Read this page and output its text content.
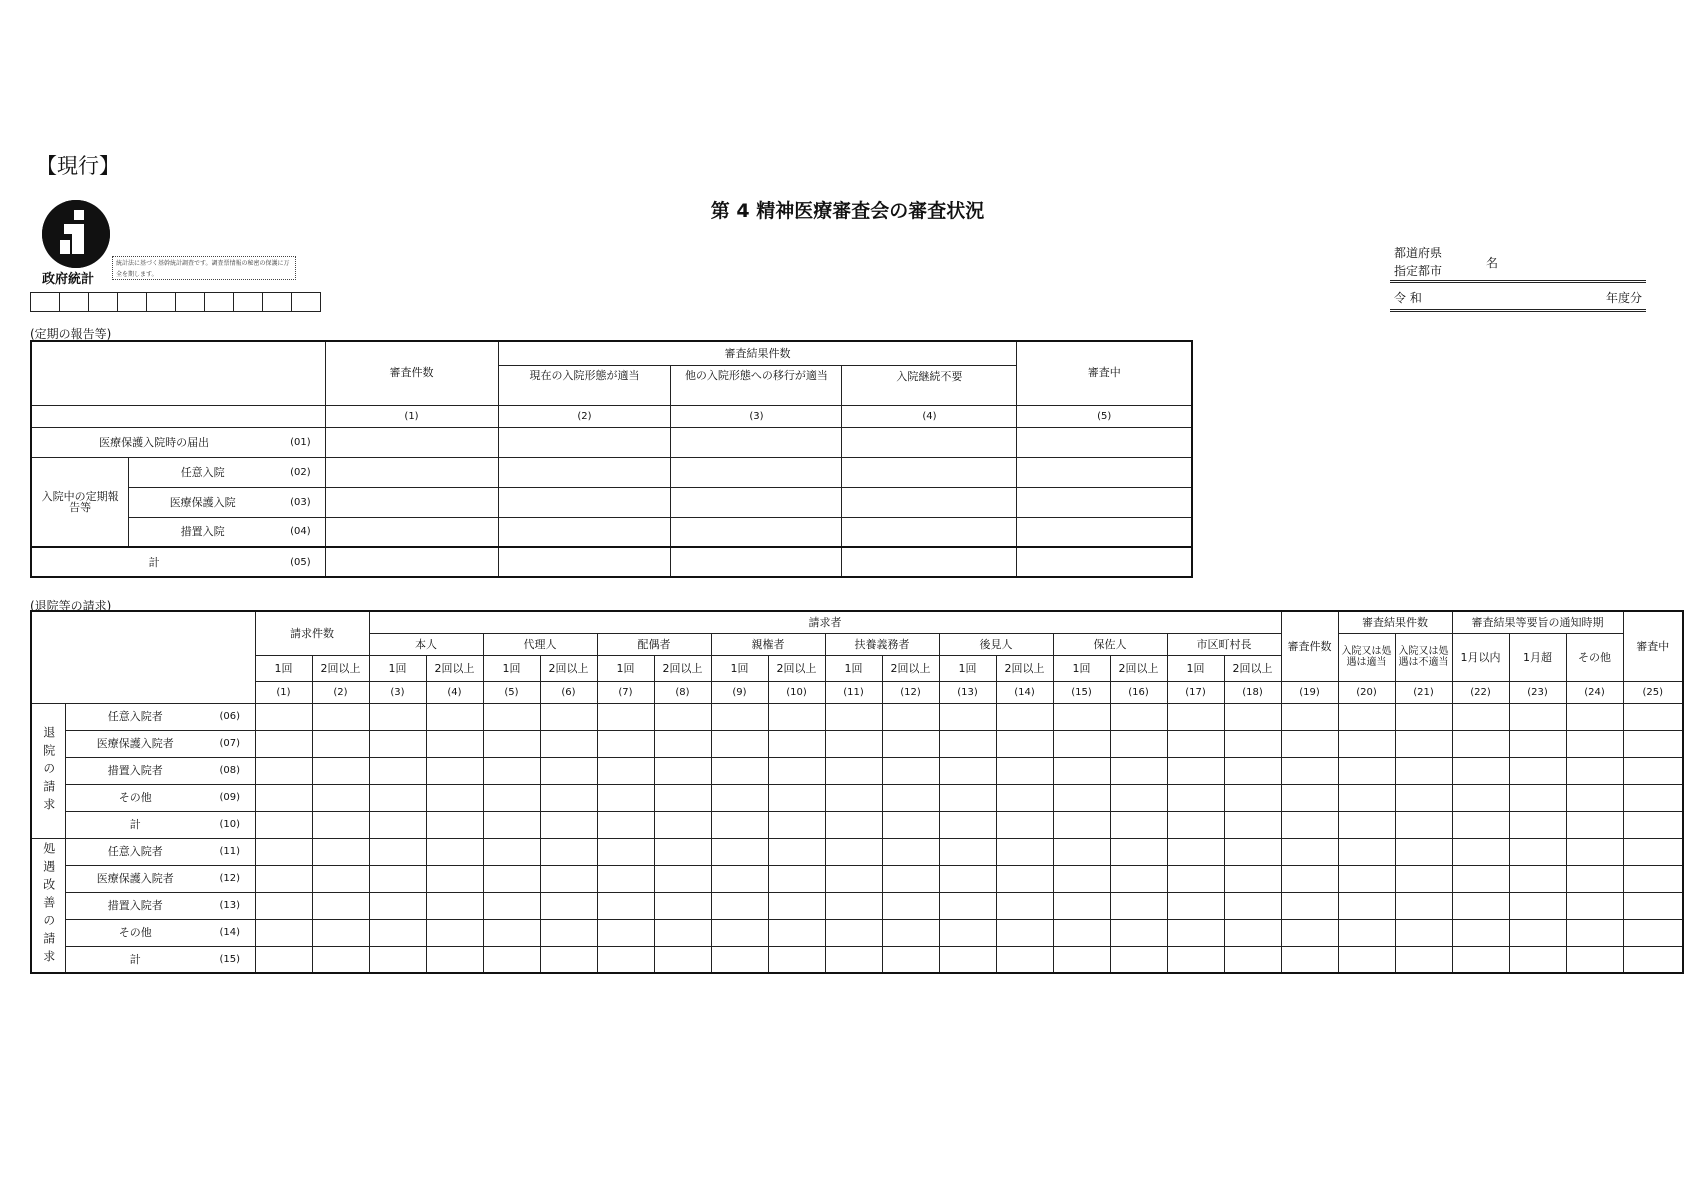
【現行】
政府統計
統計法に基づく基幹統計調査です。調査票情報の秘密の保護に万全を期します。
第 4 精神医療審査会の審査状況
都道府県
指定都市
名
令 和	年度分
(定期の報告等)

			審査件数	審査結果件数			審査中

				現在の入院形態が適当	他の入院形態への移行が適当	入院継続不要	
			(1)	(2)	(3)	(4)	(5)
医療保護入院時の届出		(01)					
入院中の定期報告等	任意入院	(02)					
	医療保護入院	(03)					
	措置入院	(04)					
計		(05)					
(退院等の請求)
			請求件数		請求者																審査件数	審査結果件数		審査結果等要旨の通知時期			審査中
					本人		代理人		配偶者		親権者		扶養義務者		後見人		保佐人		市区町村長			入院又は処遇は適当	入院又は処遇は不適当	1月以内	1月超	その他	
			1回	2回以上	1回	2回以上	1回	2回以上	1回	2回以上	1回	2回以上	1回	2回以上	1回	2回以上	1回	2回以上	1回	2回以上							
			(1)	(2)	(3)	(4)	(5)	(6)	(7)	(8)	(9)	(10)	(11)	(12)	(13)	(14)	(15)	(16)	(17)	(18)	(19)	(20)	(21)	(22)	(23)	(24)	(25)
退院の請求	任意入院者	(06)																									
	医療保護入院者	(07)																									
	措置入院者	(08)																									
	その他	(09)																									
	計	(10)																									
処遇改善の請求	任意入院者	(11)																									
	医療保護入院者	(12)																									
	措置入院者	(13)																									
	その他	(14)																									
	計	(15)																									
